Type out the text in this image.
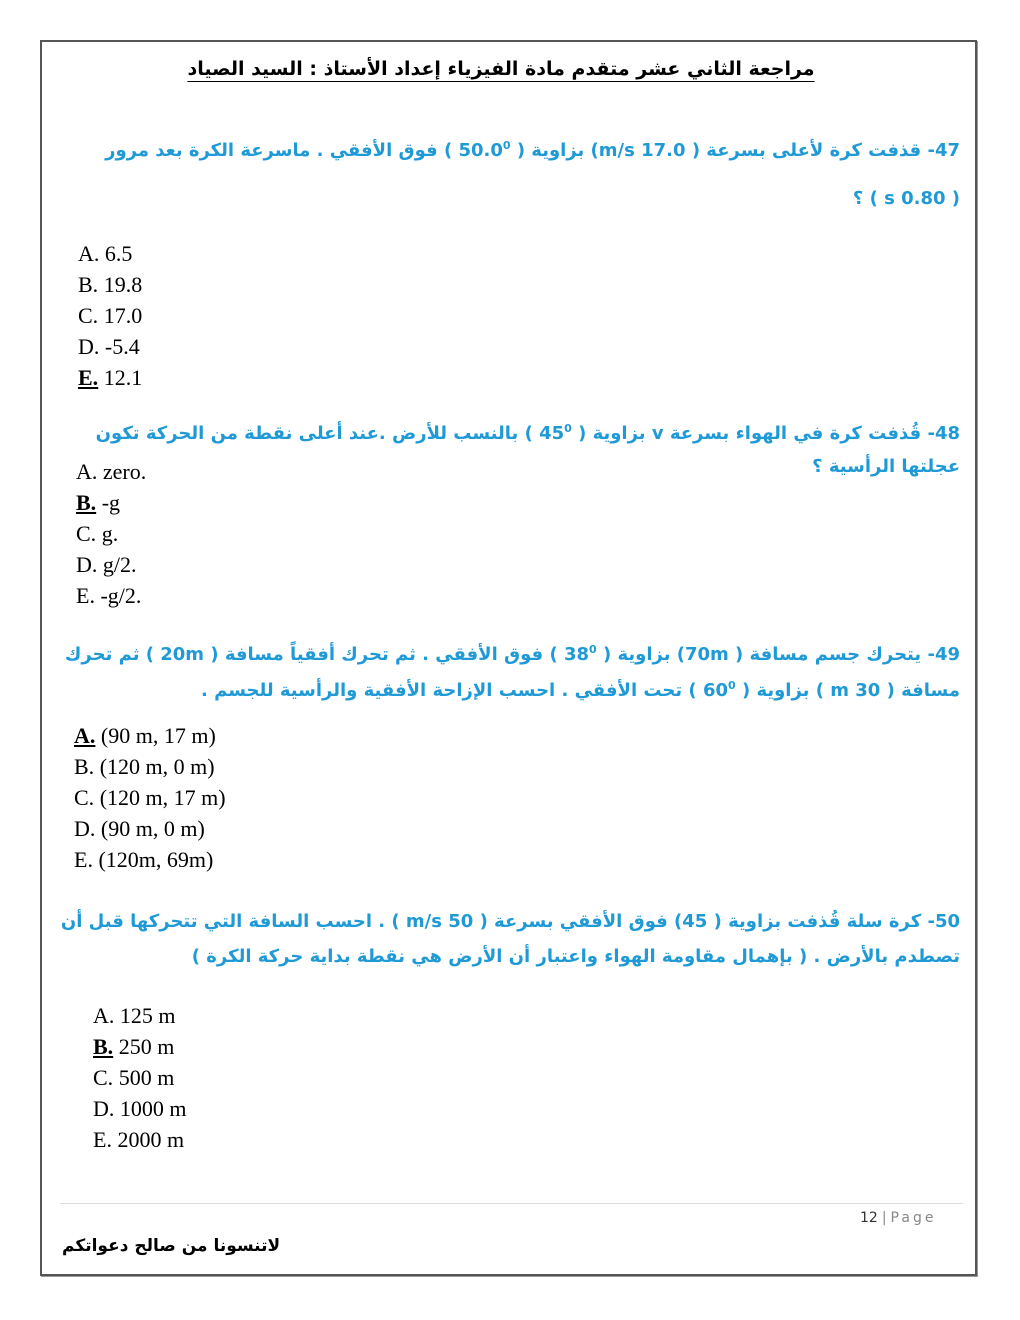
مراجعة الثاني عشر متقدم مادة الفيزياء إعداد الأستاذ : السيد الصياد
47- قذفت كرة لأعلى بسرعة ( 17.0 m/s) بزاوية ( 50.0$^0$ ) فوق الأفقي . ماسرعة الكرة بعد مرور
( 0.80 s ) ؟
A. 6.5
B. 19.8
C. 17.0
D. -5.4
E. 12.1
48- قُذفت كرة في الهواء بسرعة v بزاوية ( $45^0$ ) بالنسب للأرض .عند أعلى نقطة من الحركة تكون
عجلتها الرأسية ؟
A. zero.
B. -g
C. g.
D. g/2.
E. -g/2.
49- يتحرك جسم مسافة ( 70m) بزاوية ( $38^0$ ) فوق الأفقي . ثم تحرك أفقياً مسافة ( 20m ) ثم تحرك
مسافة ( 30 m ) بزاوية ( $60^0$ ) تحت الأفقي . احسب الإزاحة الأفقية والرأسية للجسم .
A. (90 m, 17 m)
B. (120 m, 0 m)
C. (120 m, 17 m)
D. (90 m, 0 m)
E. (120m, 69m)
50- كرة سلة قُذفت بزاوية ( 45) فوق الأفقي بسرعة ( 50 m/s ) . احسب السافة التي تتحركها قبل أن
تصطدم بالأرض . ( بإهمال مقاومة الهواء واعتبار أن الأرض هي نقطة بداية حركة الكرة )
A. 125 m
B. 250 m
C. 500 m
D. 1000 m
E. 2000 m
12 | Page
لاتنسونا من صالح دعواتكم
